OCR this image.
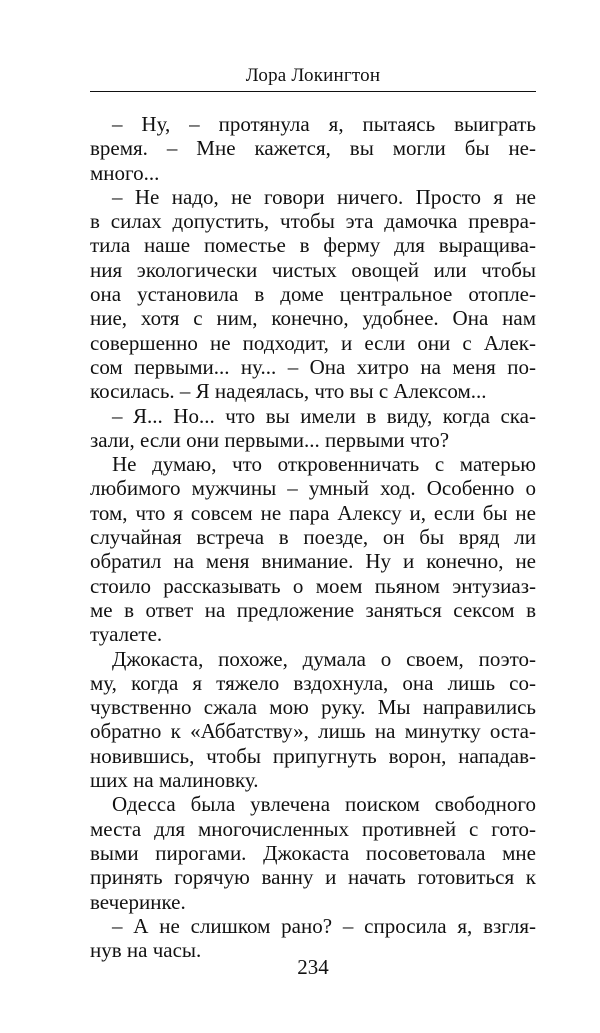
Лора Локингтон

– Ну, – протянула я, пытаясь выиграть
время. – Мне кажется, вы могли бы не-
много...

– Не надо, не говори ничего. Просто я не
в силах допустить, чтобы эта дамочка превра-
тила наше поместье в ферму для выращива-
ния экологически чистых овощей или чтобы
она установила в доме центральное отопле-
ние, хотя с ним, конечно, удобнее. Она нам
совершенно не подходит, и если они с Алек-
сом первыми... ну... – Она хитро на меня по-
косилась. – Я надеялась, что вы с Алексом...

– Я... Но... что вы имели в виду, когда ска-
зали, если они первыми... первыми что?

Не думаю, что откровенничать с матерью
любимого мужчины – умный ход. Особенно о
том, что я совсем не пара Алексу и, если бы не
случайная встреча в поезде, он бы вряд ли
обратил на меня внимание. Ну и конечно, не
стоило рассказывать о моем пьяном энтузиаз-
ме в ответ на предложение заняться сексом в
туалете.

Джокаста, похоже, думала о своем, поэто-
му, когда я тяжело вздохнула, она лишь со-
чувственно сжала мою руку. Мы направились
обратно к «Аббатству», лишь на минутку оста-
новившись, чтобы припугнуть ворон, нападав-
ших на малиновку.

Одесса была увлечена поиском свободного
места для многочисленных противней с гото-
выми пирогами. Джокаста посоветовала мне
принять горячую ванну и начать готовиться к
вечеринке.

– А не слишком рано? – спросила я, взгля-
нув на часы.

234
